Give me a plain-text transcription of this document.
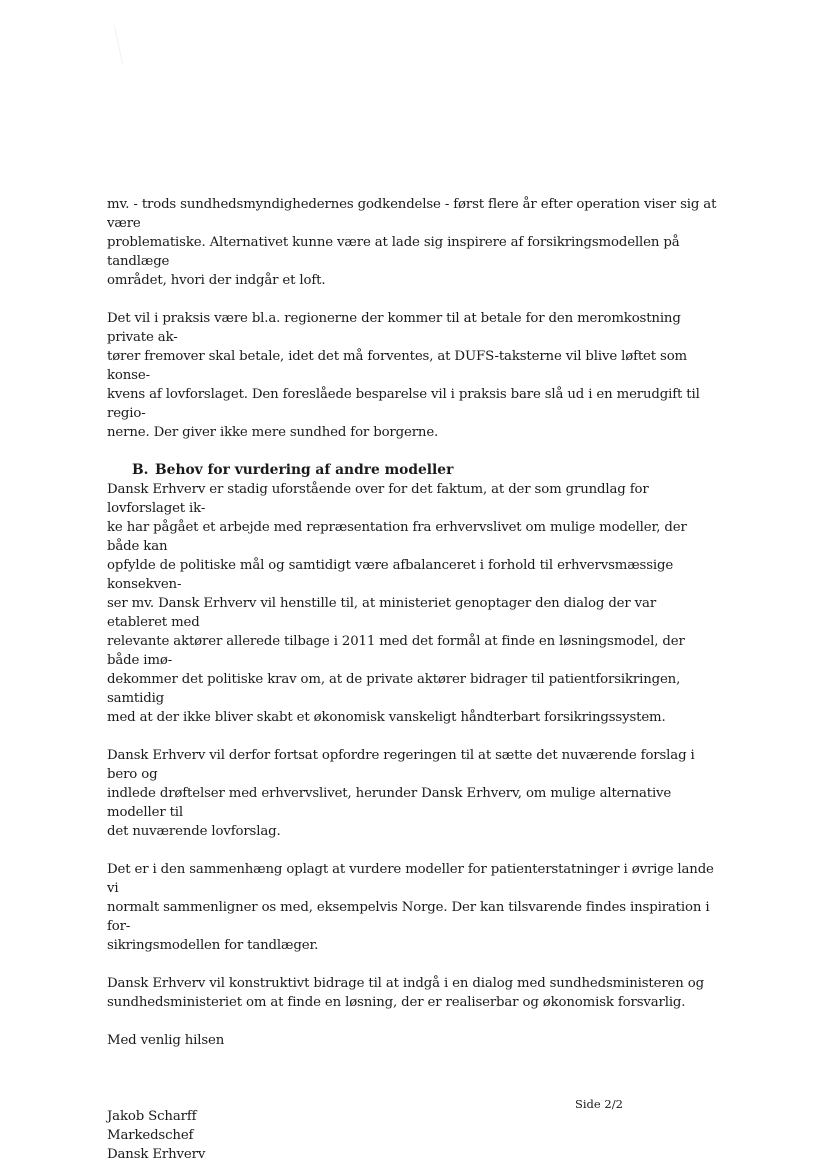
mv. - trods sundhedsmyndighedernes godkendelse - først flere år efter operation viser sig at være

problematiske. Alternativet kunne være at lade sig inspirere af forsikringsmodellen på tandlæge

området, hvori der indgår et loft.

Det vil i praksis være bl.a. regionerne der kommer til at betale for den meromkostning private ak-

tører fremover skal betale, idet det må forventes, at DUFS-taksterne vil blive løftet som konse-

kvens af lovforslaget. Den foreslåede besparelse vil i praksis bare slå ud i en merudgift til regio-

nerne. Der giver ikke mere sundhed for borgerne.

B. Behov for vurdering af andre modeller

Dansk Erhverv er stadig uforstående over for det faktum, at der som grundlag for lovforslaget ik-

ke har pågået et arbejde med repræsentation fra erhvervslivet om mulige modeller, der både kan

opfylde de politiske mål og samtidigt være afbalanceret i forhold til erhvervsmæssige konsekven-

ser mv. Dansk Erhverv vil henstille til, at ministeriet genoptager den dialog der var etableret med

relevante aktører allerede tilbage i 2011 med det formål at finde en løsningsmodel, der både imø-

dekommer det politiske krav om, at de private aktører bidrager til patientforsikringen, samtidig

med at der ikke bliver skabt et økonomisk vanskeligt håndterbart forsikringssystem.

Dansk Erhverv vil derfor fortsat opfordre regeringen til at sætte det nuværende forslag i bero og

indlede drøftelser med erhvervslivet, herunder Dansk Erhverv, om mulige alternative modeller til

det nuværende lovforslag.

Det er i den sammenhæng oplagt at vurdere modeller for patienterstatninger i øvrige lande vi

normalt sammenligner os med, eksempelvis Norge. Der kan tilsvarende findes inspiration i for-

sikringsmodellen for tandlæger.

Dansk Erhverv vil konstruktivt bidrage til at indgå i en dialog med sundhedsministeren og

sundhedsministeriet om at finde en løsning, der er realiserbar og økonomisk forsvarlig.

Med venlig hilsen

Jakob Scharff

Markedschef

Dansk Erhverv

Side 2/2
